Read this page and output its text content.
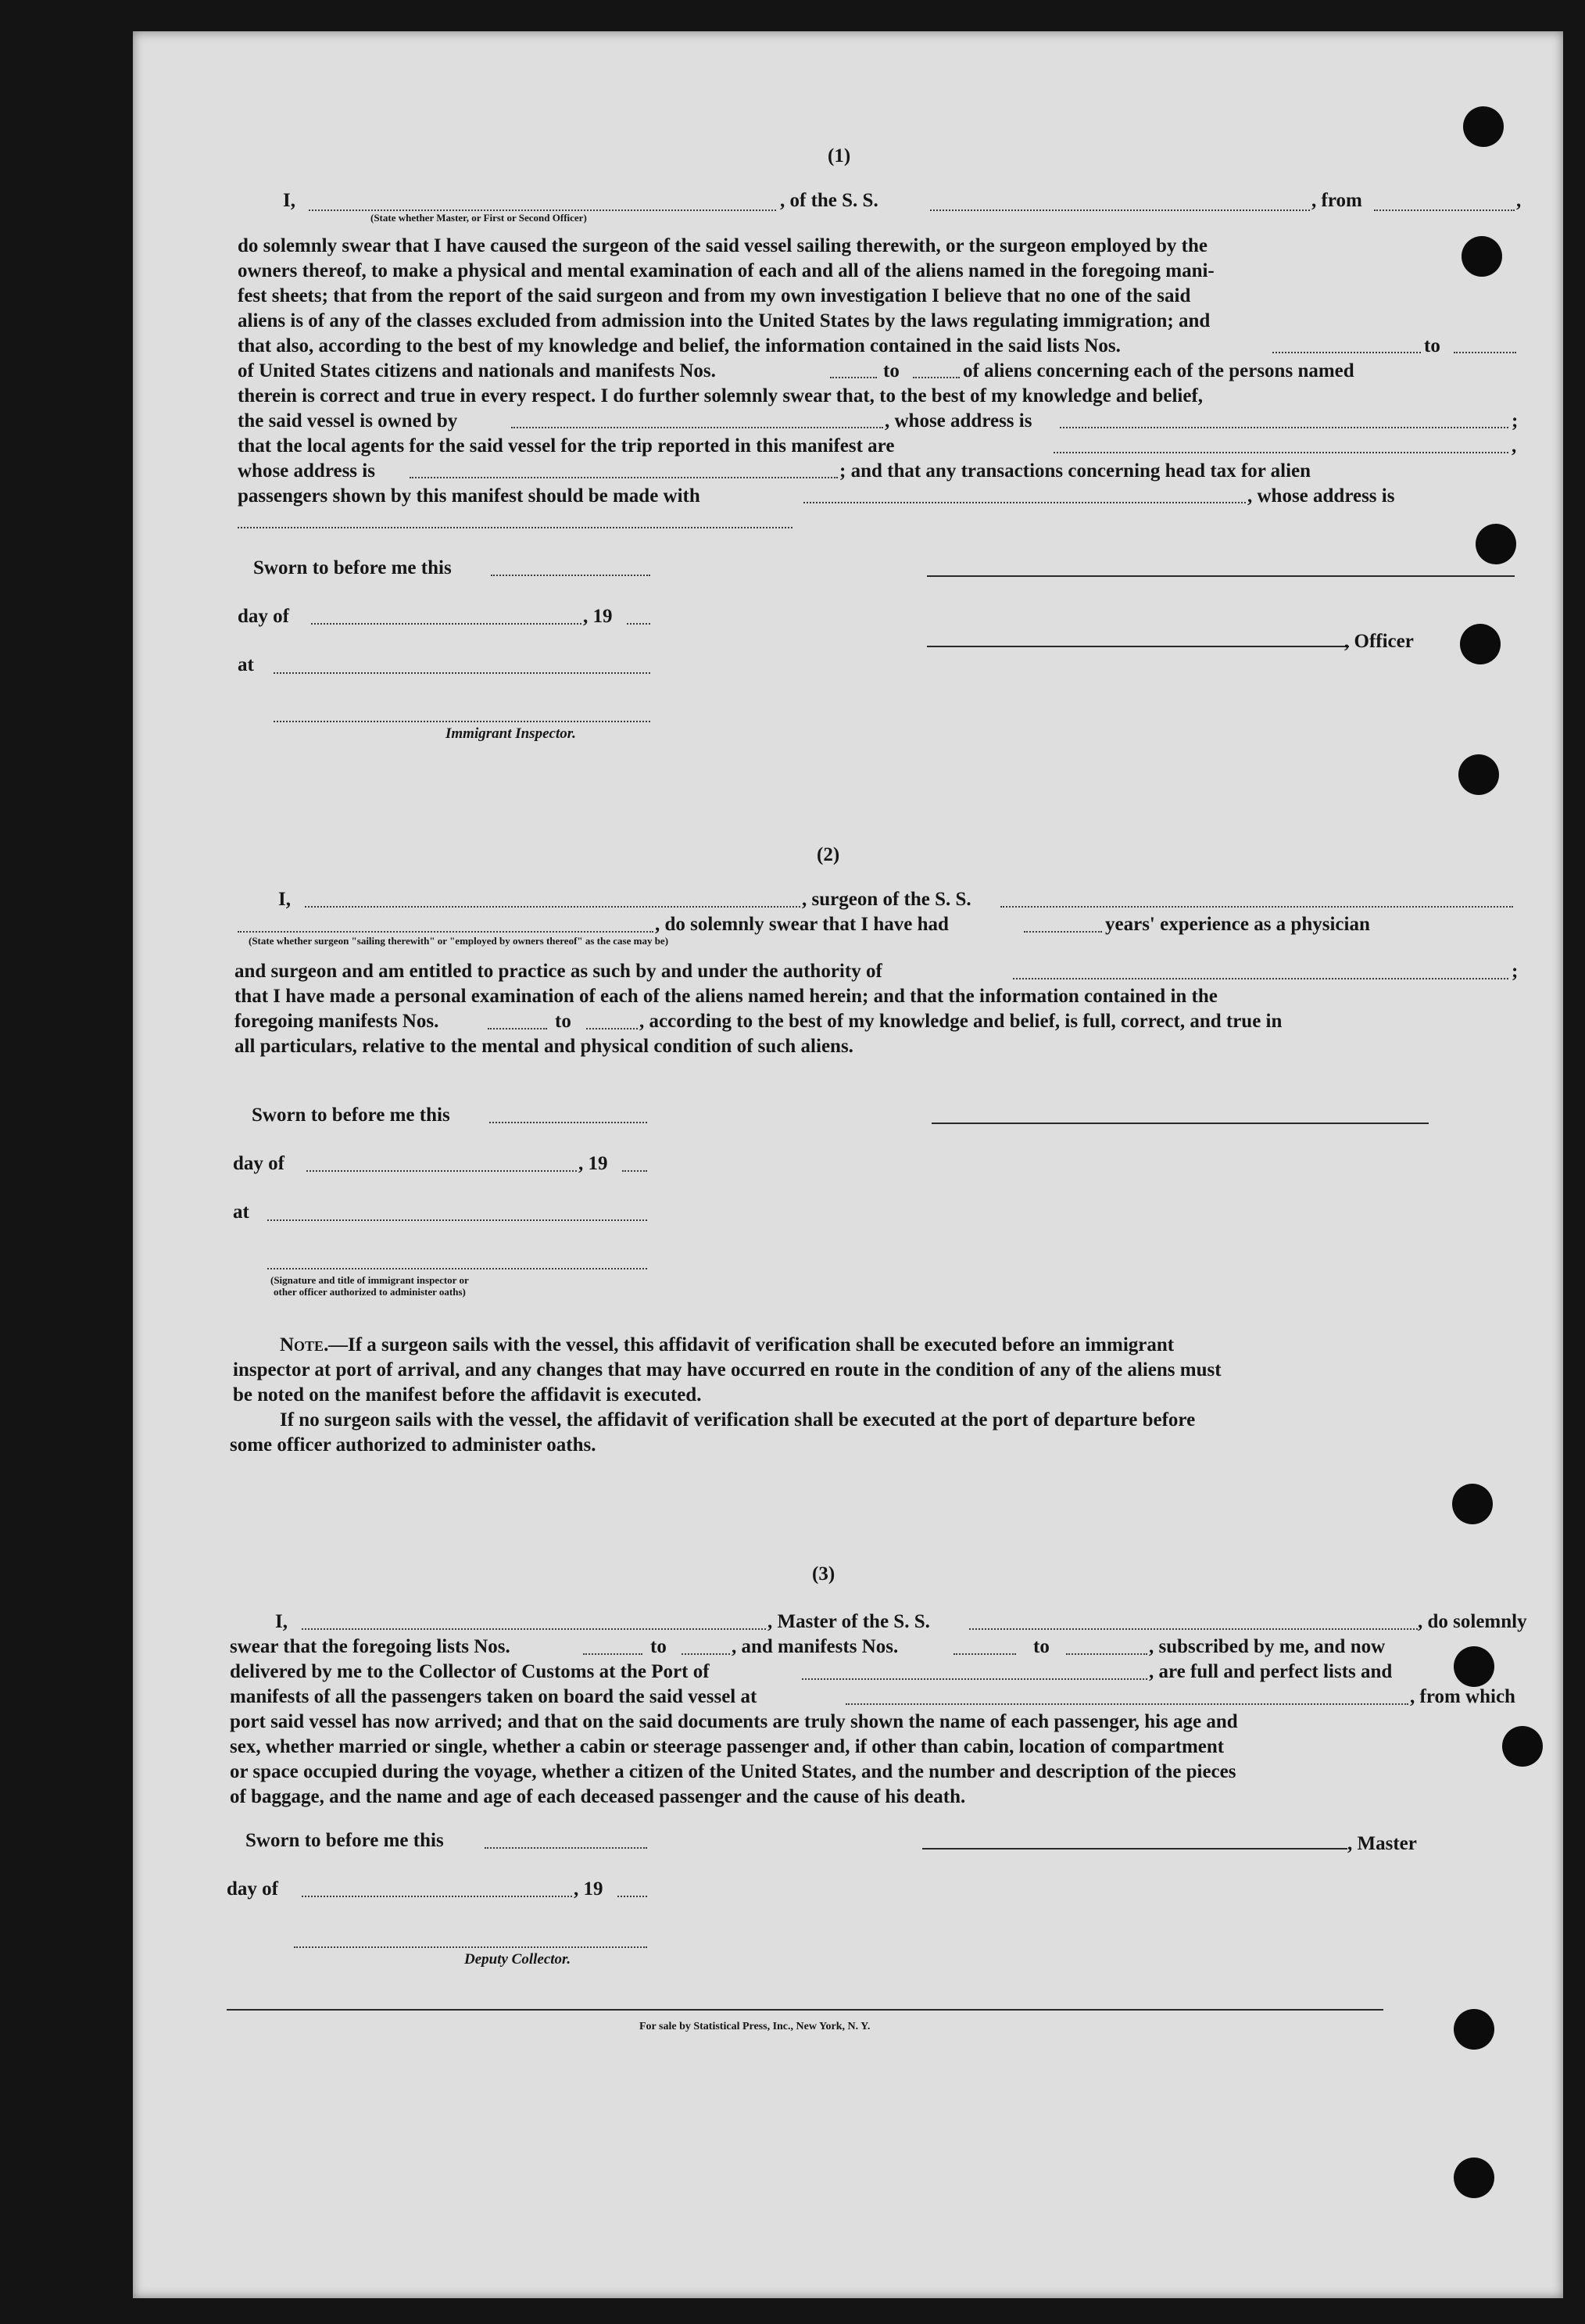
(1)
I,
(State whether Master, or First or Second Officer)
, of the S. S.	, from	,
do solemnly swear that I have caused the surgeon of the said vessel sailing therewith, or the surgeon employed by the
owners thereof, to make a physical and mental examination of each and all of the aliens named in the foregoing mani-
fest sheets; that from the report of the said surgeon and from my own investigation I believe that no one of the said
aliens is of any of the classes excluded from admission into the United States by the laws regulating immigration; and
that also, according to the best of my knowledge and belief, the information contained in the said lists Nos.	to
of United States citizens and nationals and manifests Nos.	to	of aliens concerning each of the persons named
therein is correct and true in every respect. I do further solemnly swear that, to the best of my knowledge and belief,
the said vessel is owned by	, whose address is	;
that the local agents for the said vessel for the trip reported in this manifest are	,
whose address is	; and that any transactions concerning head tax for alien
passengers shown by this manifest should be made with	, whose address is
Sworn to before me this
day of	, 19
at
, Officer
Immigrant Inspector.
(2)
I,	, surgeon of the S. S.
, do solemnly swear that I have had	years' experience as a physician
(State whether surgeon "sailing therewith" or "employed by owners thereof" as the case may be)
and surgeon and am entitled to practice as such by and under the authority of	;
that I have made a personal examination of each of the aliens named herein; and that the information contained in the
foregoing manifests Nos.	to	, according to the best of my knowledge and belief, is full, correct, and true in
all particulars, relative to the mental and physical condition of such aliens.
Sworn to before me this
day of	, 19
at
(Signature and title of immigrant inspector or
other officer authorized to administer oaths)
Note. —If a surgeon sails with the vessel, this affidavit of verification shall be executed before an immigrant
inspector at port of arrival, and any changes that may have occurred en route in the condition of any of the aliens must
be noted on the manifest before the affidavit is executed.
If no surgeon sails with the vessel, the affidavit of verification shall be executed at the port of departure before
some officer authorized to administer oaths.
(3)
I,	, Master of the S. S.	, do solemnly
swear that the foregoing lists Nos.	to	, and manifests Nos.	to	, subscribed by me, and now
delivered by me to the Collector of Customs at the Port of	, are full and perfect lists and
manifests of all the passengers taken on board the said vessel at	, from which
port said vessel has now arrived; and that on the said documents are truly shown the name of each passenger, his age and
sex, whether married or single, whether a cabin or steerage passenger and, if other than cabin, location of compartment
or space occupied during the voyage, whether a citizen of the United States, and the number and description of the pieces
of baggage, and the name and age of each deceased passenger and the cause of his death.
Sworn to before me this	, Master
day of	, 19
Deputy Collector.
For sale by Statistical Press, Inc., New York, N. Y.
